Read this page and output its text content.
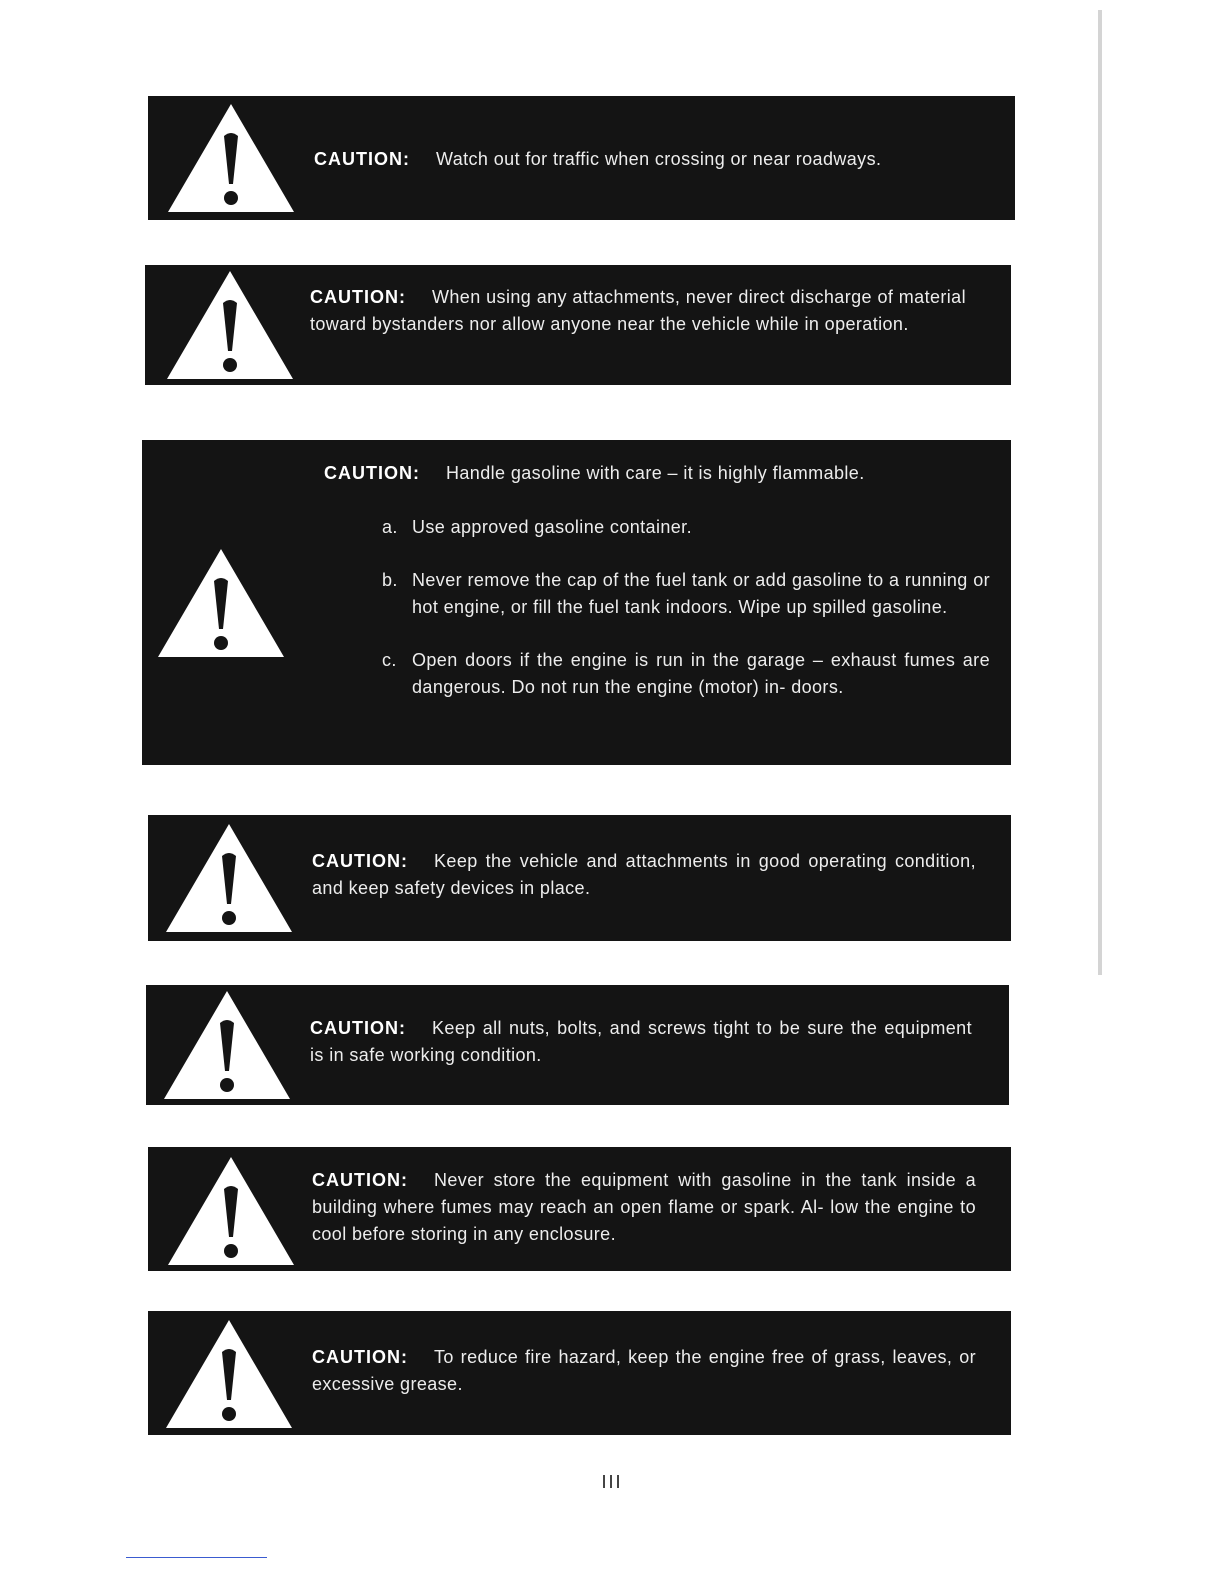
CAUTION: Watch out for traffic when crossing or near roadways.
CAUTION: When using any attachments, never direct discharge of material toward bystanders nor allow anyone near the vehicle while in operation.
CAUTION: Handle gasoline with care – it is highly flammable.
a. Use approved gasoline container.
b. Never remove the cap of the fuel tank or add gasoline to a running or hot engine, or fill the fuel tank indoors. Wipe up spilled gasoline.
c. Open doors if the engine is run in the garage – exhaust fumes are dangerous. Do not run the engine (motor) in- doors.
CAUTION: Keep the vehicle and attachments in good operating condition, and keep safety devices in place.
CAUTION: Keep all nuts, bolts, and screws tight to be sure the equipment is in safe working condition.
CAUTION: Never store the equipment with gasoline in the tank inside a building where fumes may reach an open flame or spark. Al- low the engine to cool before storing in any enclosure.
CAUTION: To reduce fire hazard, keep the engine free of grass, leaves, or excessive grease.
III
